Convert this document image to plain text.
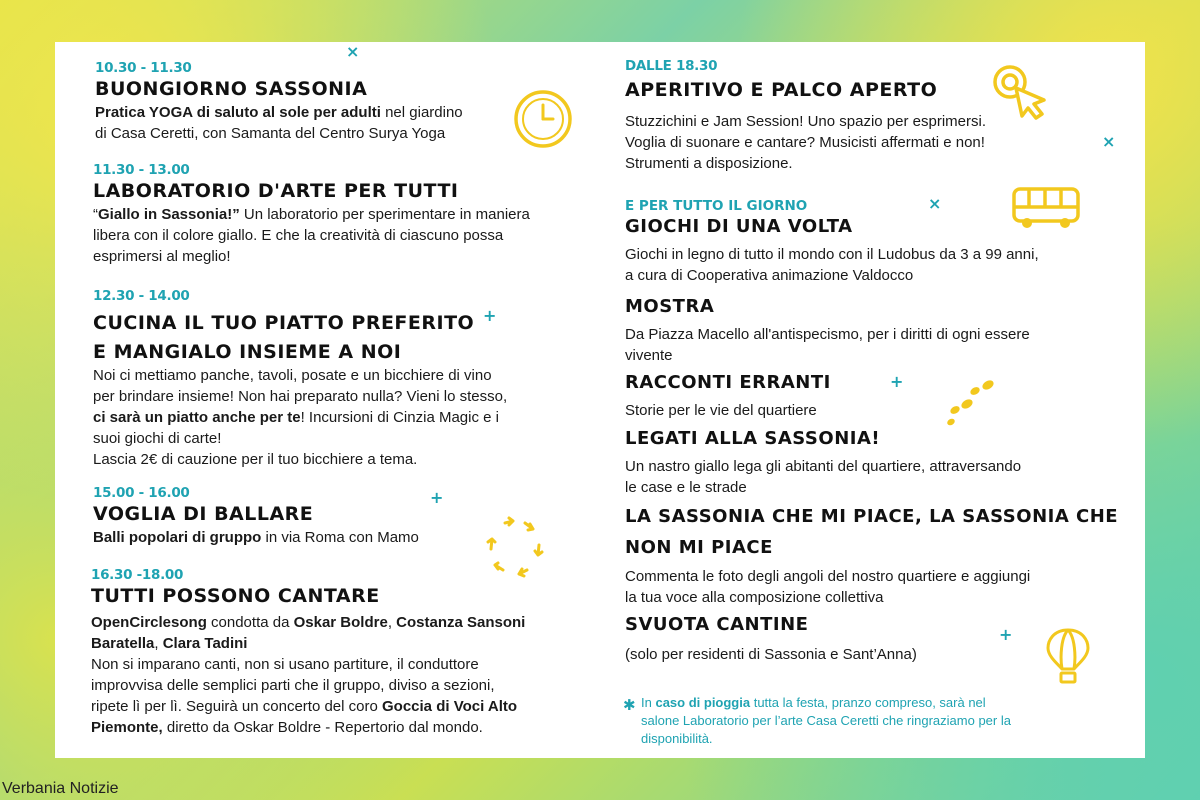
10.30 - 11.30
BUONGIORNO SASSONIA
Pratica YOGA di saluto al sole per adulti nel giardino
di Casa Ceretti, con Samanta del Centro Surya Yoga
11.30 - 13.00
LABORATORIO D'ARTE PER TUTTI
“Giallo in Sassonia!” Un laboratorio per sperimentare in maniera
libera con il colore giallo. E che la creatività di ciascuno possa
esprimersi al meglio!
12.30 - 14.00
CUCINA IL TUO PIATTO PREFERITO
E MANGIALO INSIEME A NOI
Noi ci mettiamo panche, tavoli, posate e un bicchiere di vino
per brindare insieme! Non hai preparato nulla? Vieni lo stesso,
ci sarà un piatto anche per te! Incursioni di Cinzia Magic e i
suoi giochi di carte!
Lascia 2€ di cauzione per il tuo bicchiere a tema.
15.00 - 16.00
VOGLIA DI BALLARE
Balli popolari di gruppo in via Roma con Mamo
16.30 -18.00
TUTTI POSSONO CANTARE
OpenCirclesong condotta da Oskar Boldre, Costanza Sansoni
Baratella, Clara Tadini
Non si imparano canti, non si usano partiture, il conduttore
improvvisa delle semplici parti che il gruppo, diviso a sezioni,
ripete lì per lì. Seguirà un concerto del coro Goccia di Voci Alto
Piemonte, diretto da Oskar Boldre - Repertorio dal mondo.
DALLE 18.30
APERITIVO E PALCO APERTO
Stuzzichini e Jam Session! Uno spazio per esprimersi.
Voglia di suonare e cantare? Musicisti affermati e non!
Strumenti a disposizione.
E PER TUTTO IL GIORNO
GIOCHI DI UNA VOLTA
Giochi in legno di tutto il mondo con il Ludobus da 3 a 99 anni,
a cura di Cooperativa animazione Valdocco
MOSTRA
Da Piazza Macello all'antispecismo, per i diritti di ogni essere
vivente
RACCONTI ERRANTI
Storie per le vie del quartiere
LEGATI ALLA SASSONIA!
Un nastro giallo lega gli abitanti del quartiere, attraversando
le case e le strade
LA SASSONIA CHE MI PIACE, LA SASSONIA CHE
NON MI PIACE
Commenta le foto degli angoli del nostro quartiere e aggiungi
la tua voce alla composizione collettiva
SVUOTA CANTINE
(solo per residenti di Sassonia e Sant’Anna)
✱ In caso di pioggia tutta la festa, pranzo compreso, sarà nel
salone Laboratorio per l’arte Casa Ceretti che ringraziamo per la
disponibilità.
×
+
+
×
×
+
+
Verbania Notizie
